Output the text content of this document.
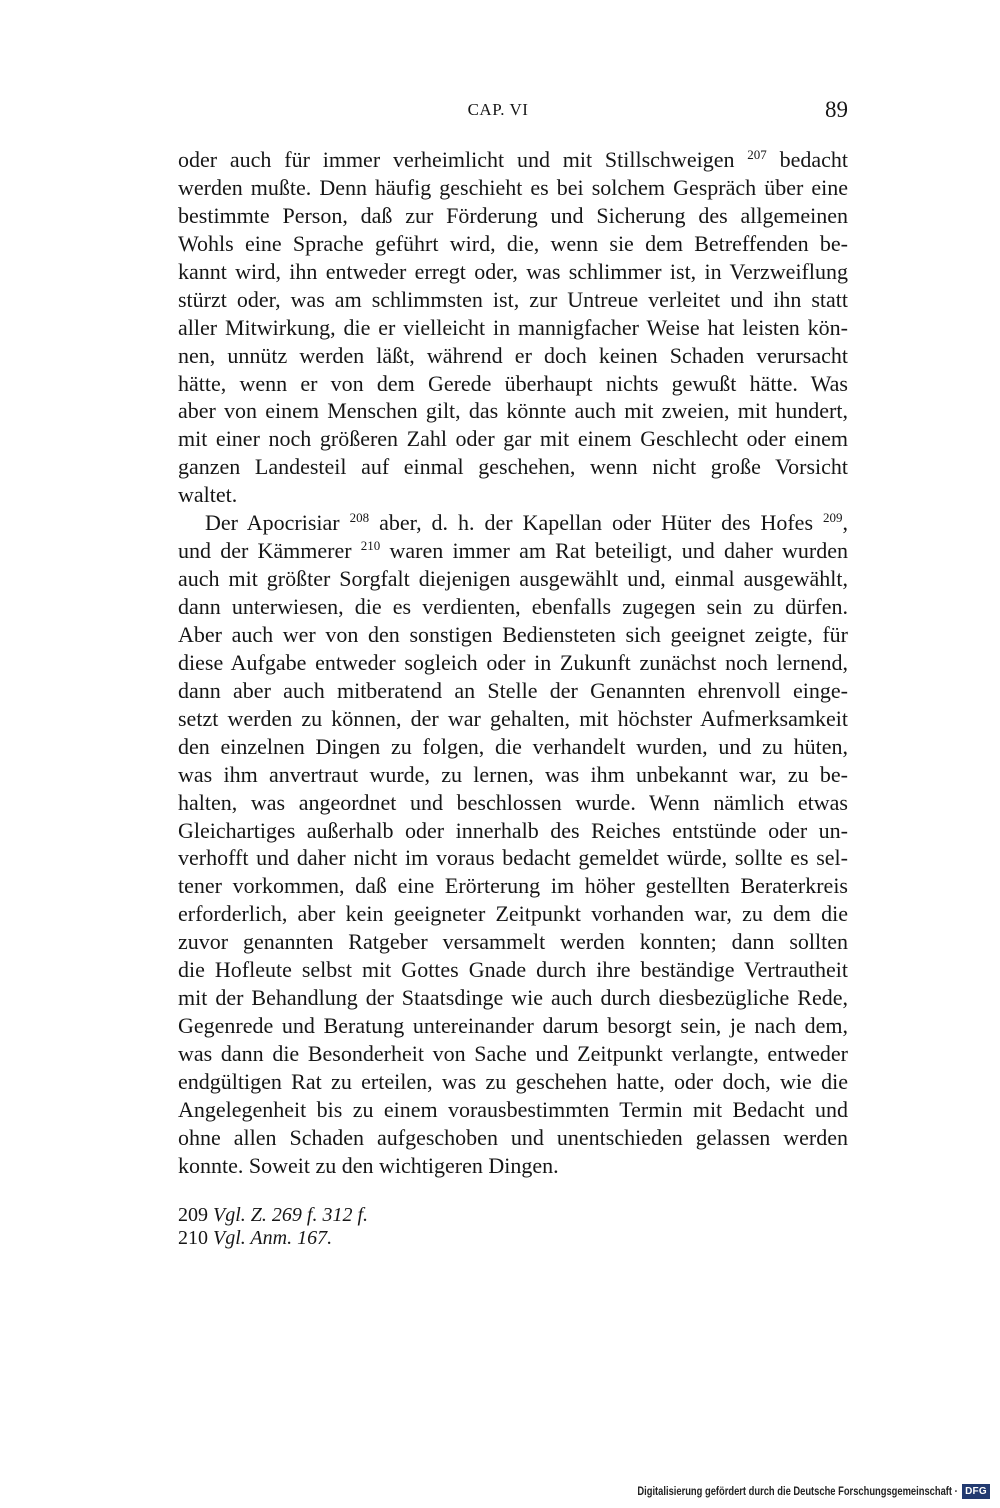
CAP. VI	89
oder auch für immer verheimlicht und mit Stillschweigen $^{207}$ bedacht
werden mußte. Denn häufig geschieht es bei solchem Gespräch über eine
bestimmte Person, daß zur Förderung und Sicherung des allgemeinen
Wohls eine Sprache geführt wird, die, wenn sie dem Betreffenden be-
kannt wird, ihn entweder erregt oder, was schlimmer ist, in Verzweiflung
stürzt oder, was am schlimmsten ist, zur Untreue verleitet und ihn statt
aller Mitwirkung, die er vielleicht in mannigfacher Weise hat leisten kön-
nen, unnütz werden läßt, während er doch keinen Schaden verursacht
hätte, wenn er von dem Gerede überhaupt nichts gewußt hätte. Was
aber von einem Menschen gilt, das könnte auch mit zweien, mit hundert,
mit einer noch größeren Zahl oder gar mit einem Geschlecht oder einem
ganzen Landesteil auf einmal geschehen, wenn nicht große Vorsicht
waltet.
Der Apocrisiar $^{208}$ aber, d. h. der Kapellan oder Hüter des Hofes $^{209}$,
und der Kämmerer $^{210}$ waren immer am Rat beteiligt, und daher wurden
auch mit größter Sorgfalt diejenigen ausgewählt und, einmal ausgewählt,
dann unterwiesen, die es verdienten, ebenfalls zugegen sein zu dürfen.
Aber auch wer von den sonstigen Bediensteten sich geeignet zeigte, für
diese Aufgabe entweder sogleich oder in Zukunft zunächst noch lernend,
dann aber auch mitberatend an Stelle der Genannten ehrenvoll einge-
setzt werden zu können, der war gehalten, mit höchster Aufmerksamkeit
den einzelnen Dingen zu folgen, die verhandelt wurden, und zu hüten,
was ihm anvertraut wurde, zu lernen, was ihm unbekannt war, zu be-
halten, was angeordnet und beschlossen wurde. Wenn nämlich etwas
Gleichartiges außerhalb oder innerhalb des Reiches entstünde oder un-
verhofft und daher nicht im voraus bedacht gemeldet würde, sollte es sel-
tener vorkommen, daß eine Erörterung im höher gestellten Beraterkreis
erforderlich, aber kein geeigneter Zeitpunkt vorhanden war, zu dem die
zuvor genannten Ratgeber versammelt werden konnten; dann sollten
die Hofleute selbst mit Gottes Gnade durch ihre beständige Vertrautheit
mit der Behandlung der Staatsdinge wie auch durch diesbezügliche Rede,
Gegenrede und Beratung untereinander darum besorgt sein, je nach dem,
was dann die Besonderheit von Sache und Zeitpunkt verlangte, entweder
endgültigen Rat zu erteilen, was zu geschehen hatte, oder doch, wie die
Angelegenheit bis zu einem vorausbestimmten Termin mit Bedacht und
ohne allen Schaden aufgeschoben und unentschieden gelassen werden
konnte. Soweit zu den wichtigeren Dingen.
209 Vgl. Z. 269 f. 312 f.
210 Vgl. Anm. 167.
Digitalisierung gefördert durch die Deutsche Forschungsgemeinschaft · DFG
